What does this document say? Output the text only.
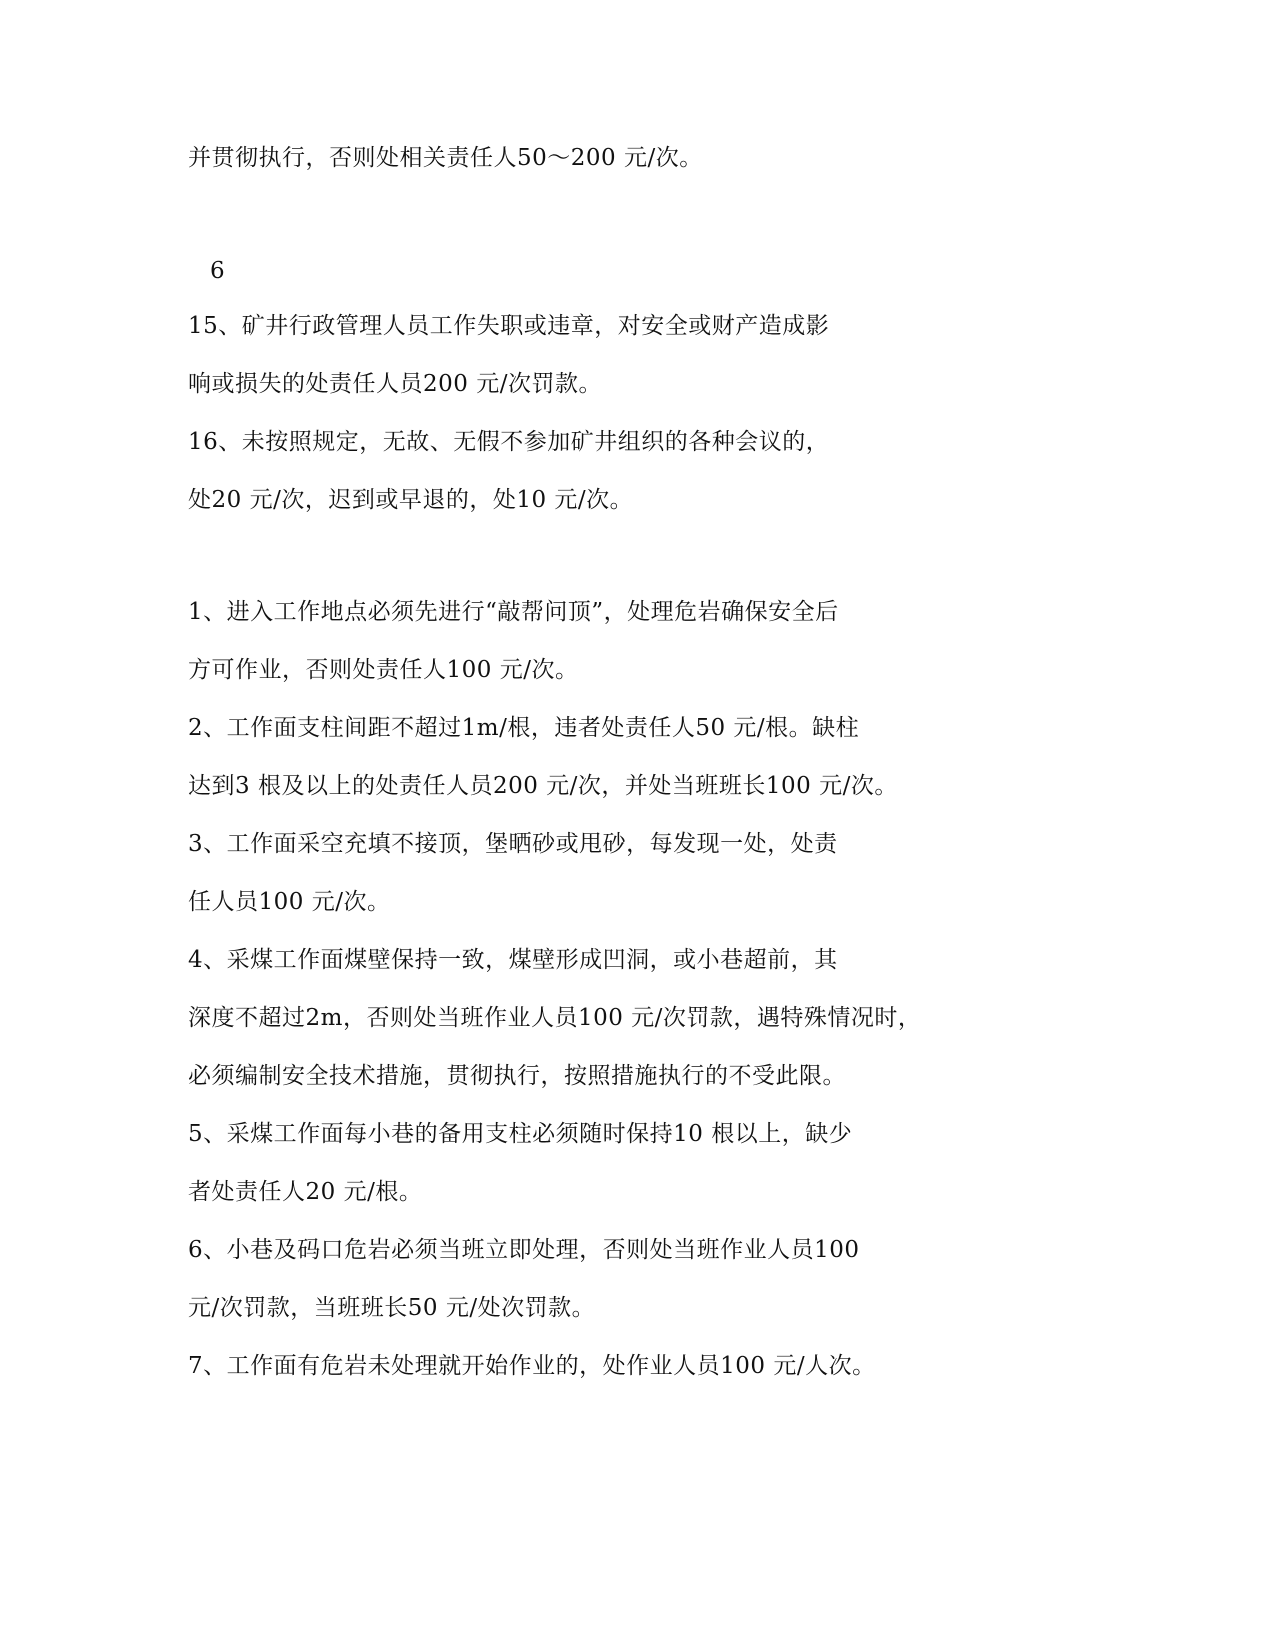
并贯彻执行，否则处相关责任人50～200 元/次。
6
15、矿井行政管理人员工作失职或违章，对安全或财产造成影
响或损失的处责任人员200 元/次罚款。
16、未按照规定，无故、无假不参加矿井组织的各种会议的，
处20 元/次，迟到或早退的，处10 元/次。
1、进入工作地点必须先进行“敲帮问顶”，处理危岩确保安全后
方可作业，否则处责任人100 元/次。
2、工作面支柱间距不超过1m/根，违者处责任人50 元/根。缺柱
达到3 根及以上的处责任人员200 元/次，并处当班班长100 元/次。
3、工作面采空充填不接顶，堡晒砂或甩砂，每发现一处，处责
任人员100 元/次。
4、采煤工作面煤壁保持一致，煤壁形成凹洞，或小巷超前，其
深度不超过2m，否则处当班作业人员100 元/次罚款，遇特殊情况时，
必须编制安全技术措施，贯彻执行，按照措施执行的不受此限。
5、采煤工作面每小巷的备用支柱必须随时保持10 根以上，缺少
者处责任人20 元/根。
6、小巷及码口危岩必须当班立即处理，否则处当班作业人员100
元/次罚款，当班班长50 元/处次罚款。
7、工作面有危岩未处理就开始作业的，处作业人员100 元/人次。
